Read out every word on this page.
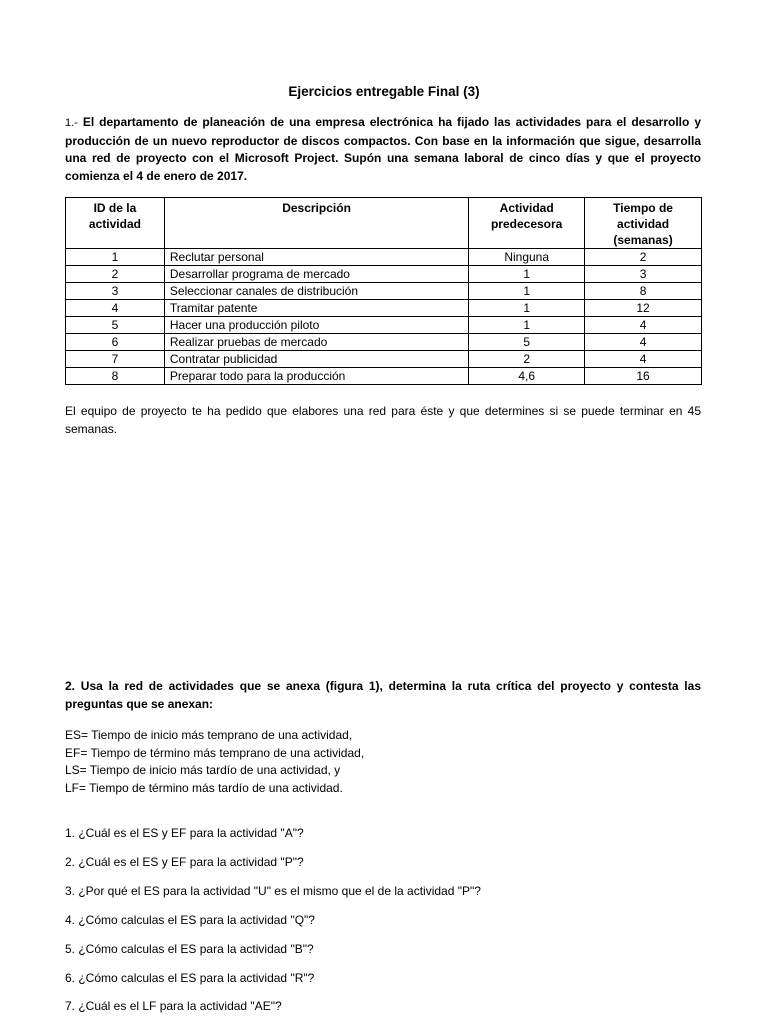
Ejercicios entregable Final (3)
1.- El departamento de planeación de una empresa electrónica ha fijado las actividades para el desarrollo y producción de un nuevo reproductor de discos compactos. Con base en la información que sigue, desarrolla una red de proyecto con el Microsoft Project. Supón una semana laboral de cinco días y que el proyecto comienza el 4 de enero de 2017.
ID de la actividad	Descripción	Actividad predecesora	Tiempo de actividad (semanas)
1	Reclutar personal	Ninguna	2
2	Desarrollar programa de mercado	1	3
3	Seleccionar canales de distribución	1	8
4	Tramitar patente	1	12
5	Hacer una producción piloto	1	4
6	Realizar pruebas de mercado	5	4
7	Contratar publicidad	2	4
8	Preparar todo para la producción	4,6	16
El equipo de proyecto te ha pedido que elabores una red para éste y que determines si se puede terminar en 45 semanas.
2. Usa la red de actividades que se anexa (figura 1), determina la ruta crítica del proyecto y contesta las preguntas que se anexan:
ES= Tiempo de inicio más temprano de una actividad,
EF= Tiempo de término más temprano de una actividad,
LS= Tiempo de inicio más tardío de una actividad, y
LF= Tiempo de término más tardío de una actividad.
1. ¿Cuál es el ES y EF para la actividad "A"?
2. ¿Cuál es el ES y EF para la actividad "P"?
3. ¿Por qué el ES para la actividad "U" es el mismo que el de la actividad "P"?
4. ¿Cómo calculas el ES para la actividad "Q"?
5. ¿Cómo calculas el ES para la actividad "B"?
6. ¿Cómo calculas el ES para la actividad "R"?
7. ¿Cuál es el LF para la actividad "AE"?
